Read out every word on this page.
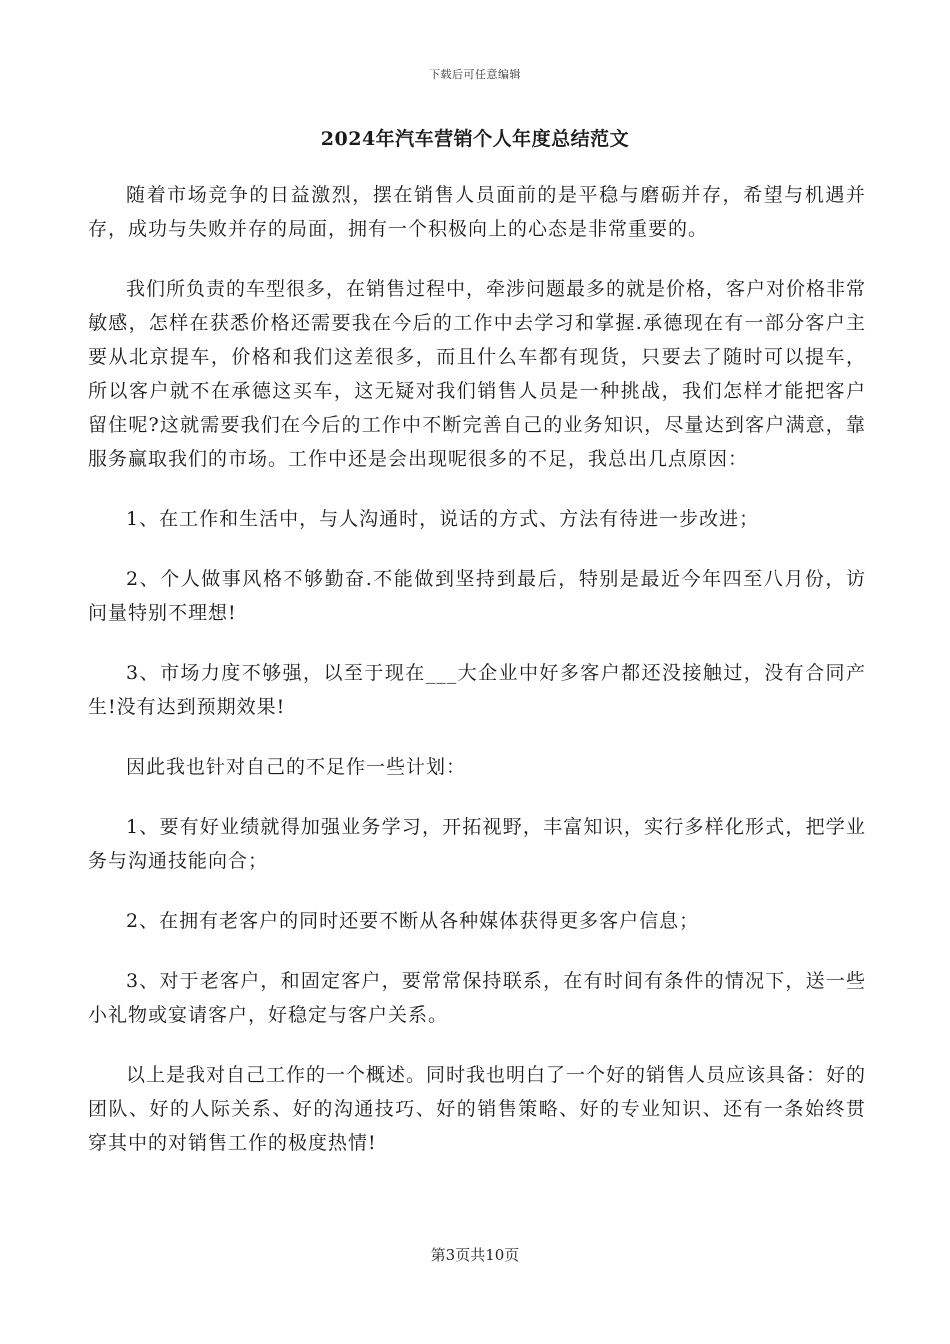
下载后可任意编辑
2024年汽车营销个人年度总结范文

随着市场竞争的日益激烈，摆在销售人员面前的是平稳与磨砺并存，希望与机遇并存，成功与失败并存的局面，拥有一个积极向上的心态是非常重要的。

我们所负责的车型很多，在销售过程中，牵涉问题最多的就是价格，客户对价格非常敏感，怎样在获悉价格还需要我在今后的工作中去学习和掌握.承德现在有一部分客户主要从北京提车，价格和我们这差很多，而且什么车都有现货，只要去了随时可以提车，所以客户就不在承德这买车，这无疑对我们销售人员是一种挑战，我们怎样才能把客户留住呢?这就需要我们在今后的工作中不断完善自己的业务知识，尽量达到客户满意，靠服务赢取我们的市场。工作中还是会出现呢很多的不足，我总出几点原因：

1、在工作和生活中，与人沟通时，说话的方式、方法有待进一步改进；

2、个人做事风格不够勤奋.不能做到坚持到最后，特别是最近今年四至八月份，访问量特别不理想!

3、市场力度不够强，以至于现在___大企业中好多客户都还没接触过，没有合同产生!没有达到预期效果!

因此我也针对自己的不足作一些计划：

1、要有好业绩就得加强业务学习，开拓视野，丰富知识，实行多样化形式，把学业务与沟通技能向合；

2、在拥有老客户的同时还要不断从各种媒体获得更多客户信息；

3、对于老客户，和固定客户，要常常保持联系，在有时间有条件的情况下，送一些小礼物或宴请客户，好稳定与客户关系。

以上是我对自己工作的一个概述。同时我也明白了一个好的销售人员应该具备：好的团队、好的人际关系、好的沟通技巧、好的销售策略、好的专业知识、还有一条始终贯穿其中的对销售工作的极度热情!

第3页共10页
